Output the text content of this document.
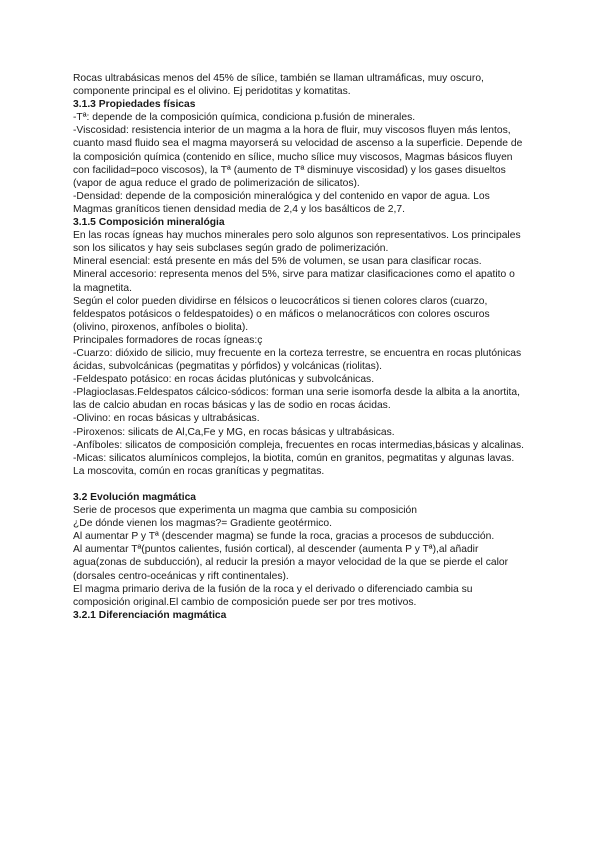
Rocas ultrabásicas menos del 45% de sílice, también se llaman ultramáficas, muy oscuro, componente principal es el olivino. Ej peridotitas y komatitas.

3.1.3 Propiedades físicas

-Tª: depende de la composición química, condiciona p.fusión de minerales.

-Viscosidad: resistencia interior de un magma a la hora de fluir, muy viscosos fluyen más lentos, cuanto masd fluido sea el magma mayorserá su velocidad de ascenso a la superficie. Depende de la composición química (contenido en sílice, mucho sílice muy viscosos, Magmas básicos fluyen con facilidad=poco viscosos), la Tª (aumento de Tª disminuye viscosidad) y los gases disueltos (vapor de agua reduce el grado de polimerización de silicatos).

-Densidad: depende de la composición mineralógica y del contenido en vapor de agua. Los Magmas graníticos tienen densidad media de 2,4 y los basálticos de 2,7.

3.1.5 Composición mineralógia

En las rocas ígneas hay muchos minerales pero solo algunos son representativos. Los principales son los silicatos y hay seis subclases según grado de polimerización.

Mineral esencial: está presente en más del 5% de volumen, se usan para clasificar rocas.

Mineral accesorio: representa menos del 5%, sirve para matizar clasificaciones como el apatito o la magnetita.

Según el color pueden dividirse en félsicos o leucocráticos si tienen colores claros (cuarzo, feldespatos potásicos o feldespatoides) o en máficos o melanocráticos con colores oscuros (olivino, piroxenos, anfíboles o biolita).

Principales formadores de rocas ígneas:ç

-Cuarzo: dióxido de silicio, muy frecuente en la corteza terrestre, se encuentra en rocas plutónicas ácidas, subvolcánicas (pegmatitas y pórfidos) y volcánicas (riolitas).

-Feldespato potásico: en rocas ácidas plutónicas y subvolcánicas.

-Plagioclasas.Feldespatos cálcico-sódicos: forman una serie isomorfa desde la albita a la anortita, las de calcio abudan en rocas básicas y las de sodio en rocas ácidas.

-Olivino: en rocas básicas y ultrabásicas.

-Piroxenos: silicats de Al,Ca,Fe y MG, en rocas básicas y ultrabásicas.

-Anfíboles: silicatos de composición compleja, frecuentes en rocas intermedias,básicas y alcalinas.

-Micas: silicatos alumínicos complejos, la biotita, común en granitos, pegmatitas y algunas lavas. La moscovita, común en rocas graníticas y pegmatitas.

3.2 Evolución magmática

Serie de procesos que experimenta un magma que cambia su composición

¿De dónde vienen los magmas?= Gradiente geotérmico.

Al aumentar P y Tª (descender magma) se funde la roca, gracias a procesos de subducción.

Al aumentar Tª(puntos calientes, fusión cortical), al descender (aumenta P y Tª),al añadir agua(zonas de subducción), al reducir la presión a mayor velocidad de la que se pierde el calor (dorsales centro-oceánicas y rift continentales).

El magma primario deriva de la fusión de la roca y el derivado o diferenciado cambia su composición original.El cambio de composición puede ser por tres motivos.

3.2.1 Diferenciación magmática
